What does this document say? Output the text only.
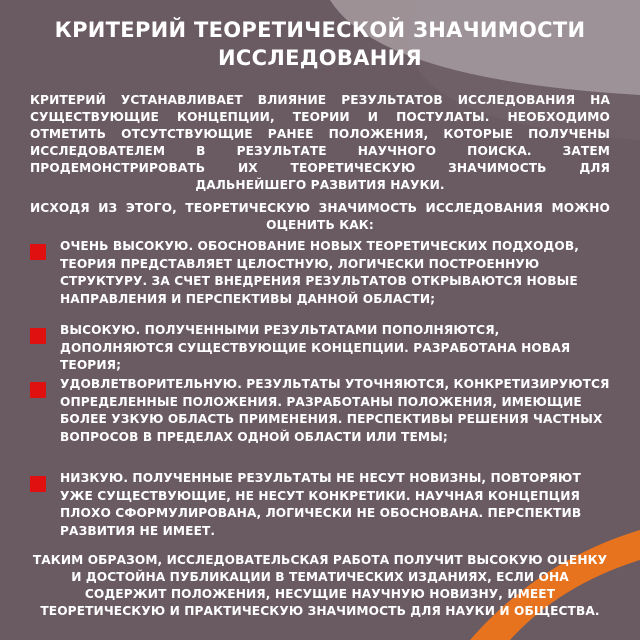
КРИТЕРИЙ ТЕОРЕТИЧЕСКОЙ ЗНАЧИМОСТИ ИССЛЕДОВАНИЯ
КРИТЕРИЙ УСТАНАВЛИВАЕТ ВЛИЯНИЕ РЕЗУЛЬТАТОВ ИССЛЕДОВАНИЯ НА СУЩЕСТВУЮЩИЕ КОНЦЕПЦИИ, ТЕОРИИ И ПОСТУЛАТЫ. НЕОБХОДИМО ОТМЕТИТЬ ОТСУТСТВУЮЩИЕ РАНЕЕ ПОЛОЖЕНИЯ, КОТОРЫЕ ПОЛУЧЕНЫ ИССЛЕДОВАТЕЛЕМ В РЕЗУЛЬТАТЕ НАУЧНОГО ПОИСКА. ЗАТЕМ ПРОДЕМОНСТРИРОВАТЬ ИХ ТЕОРЕТИЧЕСКУЮ ЗНАЧИМОСТЬ ДЛЯ ДАЛЬНЕЙШЕГО РАЗВИТИЯ НАУКИ.
ИСХОДЯ ИЗ ЭТОГО, ТЕОРЕТИЧЕСКУЮ ЗНАЧИМОСТЬ ИССЛЕДОВАНИЯ МОЖНО ОЦЕНИТЬ КАК:
ОЧЕНЬ ВЫСОКУЮ. ОБОСНОВАНИЕ НОВЫХ ТЕОРЕТИЧЕСКИХ ПОДХОДОВ, ТЕОРИЯ ПРЕДСТАВЛЯЕТ ЦЕЛОСТНУЮ, ЛОГИЧЕСКИ ПОСТРОЕННУЮ СТРУКТУРУ. ЗА СЧЕТ ВНЕДРЕНИЯ РЕЗУЛЬТАТОВ ОТКРЫВАЮТСЯ НОВЫЕ НАПРАВЛЕНИЯ И ПЕРСПЕКТИВЫ ДАННОЙ ОБЛАСТИ;
ВЫСОКУЮ. ПОЛУЧЕННЫМИ РЕЗУЛЬТАТАМИ ПОПОЛНЯЮТСЯ, ДОПОЛНЯЮТСЯ СУЩЕСТВУЮЩИЕ КОНЦЕПЦИИ. РАЗРАБОТАНА НОВАЯ ТЕОРИЯ;
УДОВЛЕТВОРИТЕЛЬНУЮ. РЕЗУЛЬТАТЫ УТОЧНЯЮТСЯ, КОНКРЕТИЗИРУЮТСЯ ОПРЕДЕЛЕННЫЕ ПОЛОЖЕНИЯ. РАЗРАБОТАНЫ ПОЛОЖЕНИЯ, ИМЕЮЩИЕ БОЛЕЕ УЗКУЮ ОБЛАСТЬ ПРИМЕНЕНИЯ. ПЕРСПЕКТИВЫ РЕШЕНИЯ ЧАСТНЫХ ВОПРОСОВ В ПРЕДЕЛАХ ОДНОЙ ОБЛАСТИ ИЛИ ТЕМЫ;
НИЗКУЮ. ПОЛУЧЕННЫЕ РЕЗУЛЬТАТЫ НЕ НЕСУТ НОВИЗНЫ, ПОВТОРЯЮТ УЖЕ СУЩЕСТВУЮЩИЕ, НЕ НЕСУТ КОНКРЕТИКИ. НАУЧНАЯ КОНЦЕПЦИЯ ПЛОХО СФОРМУЛИРОВАНА, ЛОГИЧЕСКИ НЕ ОБОСНОВАНА. ПЕРСПЕКТИВ РАЗВИТИЯ НЕ ИМЕЕТ.
ТАКИМ ОБРАЗОМ, ИССЛЕДОВАТЕЛЬСКАЯ РАБОТА ПОЛУЧИТ ВЫСОКУЮ ОЦЕНКУ И ДОСТОЙНА ПУБЛИКАЦИИ В ТЕМАТИЧЕСКИХ ИЗДАНИЯХ, ЕСЛИ ОНА СОДЕРЖИТ ПОЛОЖЕНИЯ, НЕСУЩИЕ НАУЧНУЮ НОВИЗНУ, ИМЕЕТ ТЕОРЕТИЧЕСКУЮ И ПРАКТИЧЕСКУЮ ЗНАЧИМОСТЬ ДЛЯ НАУКИ И ОБЩЕСТВА.
